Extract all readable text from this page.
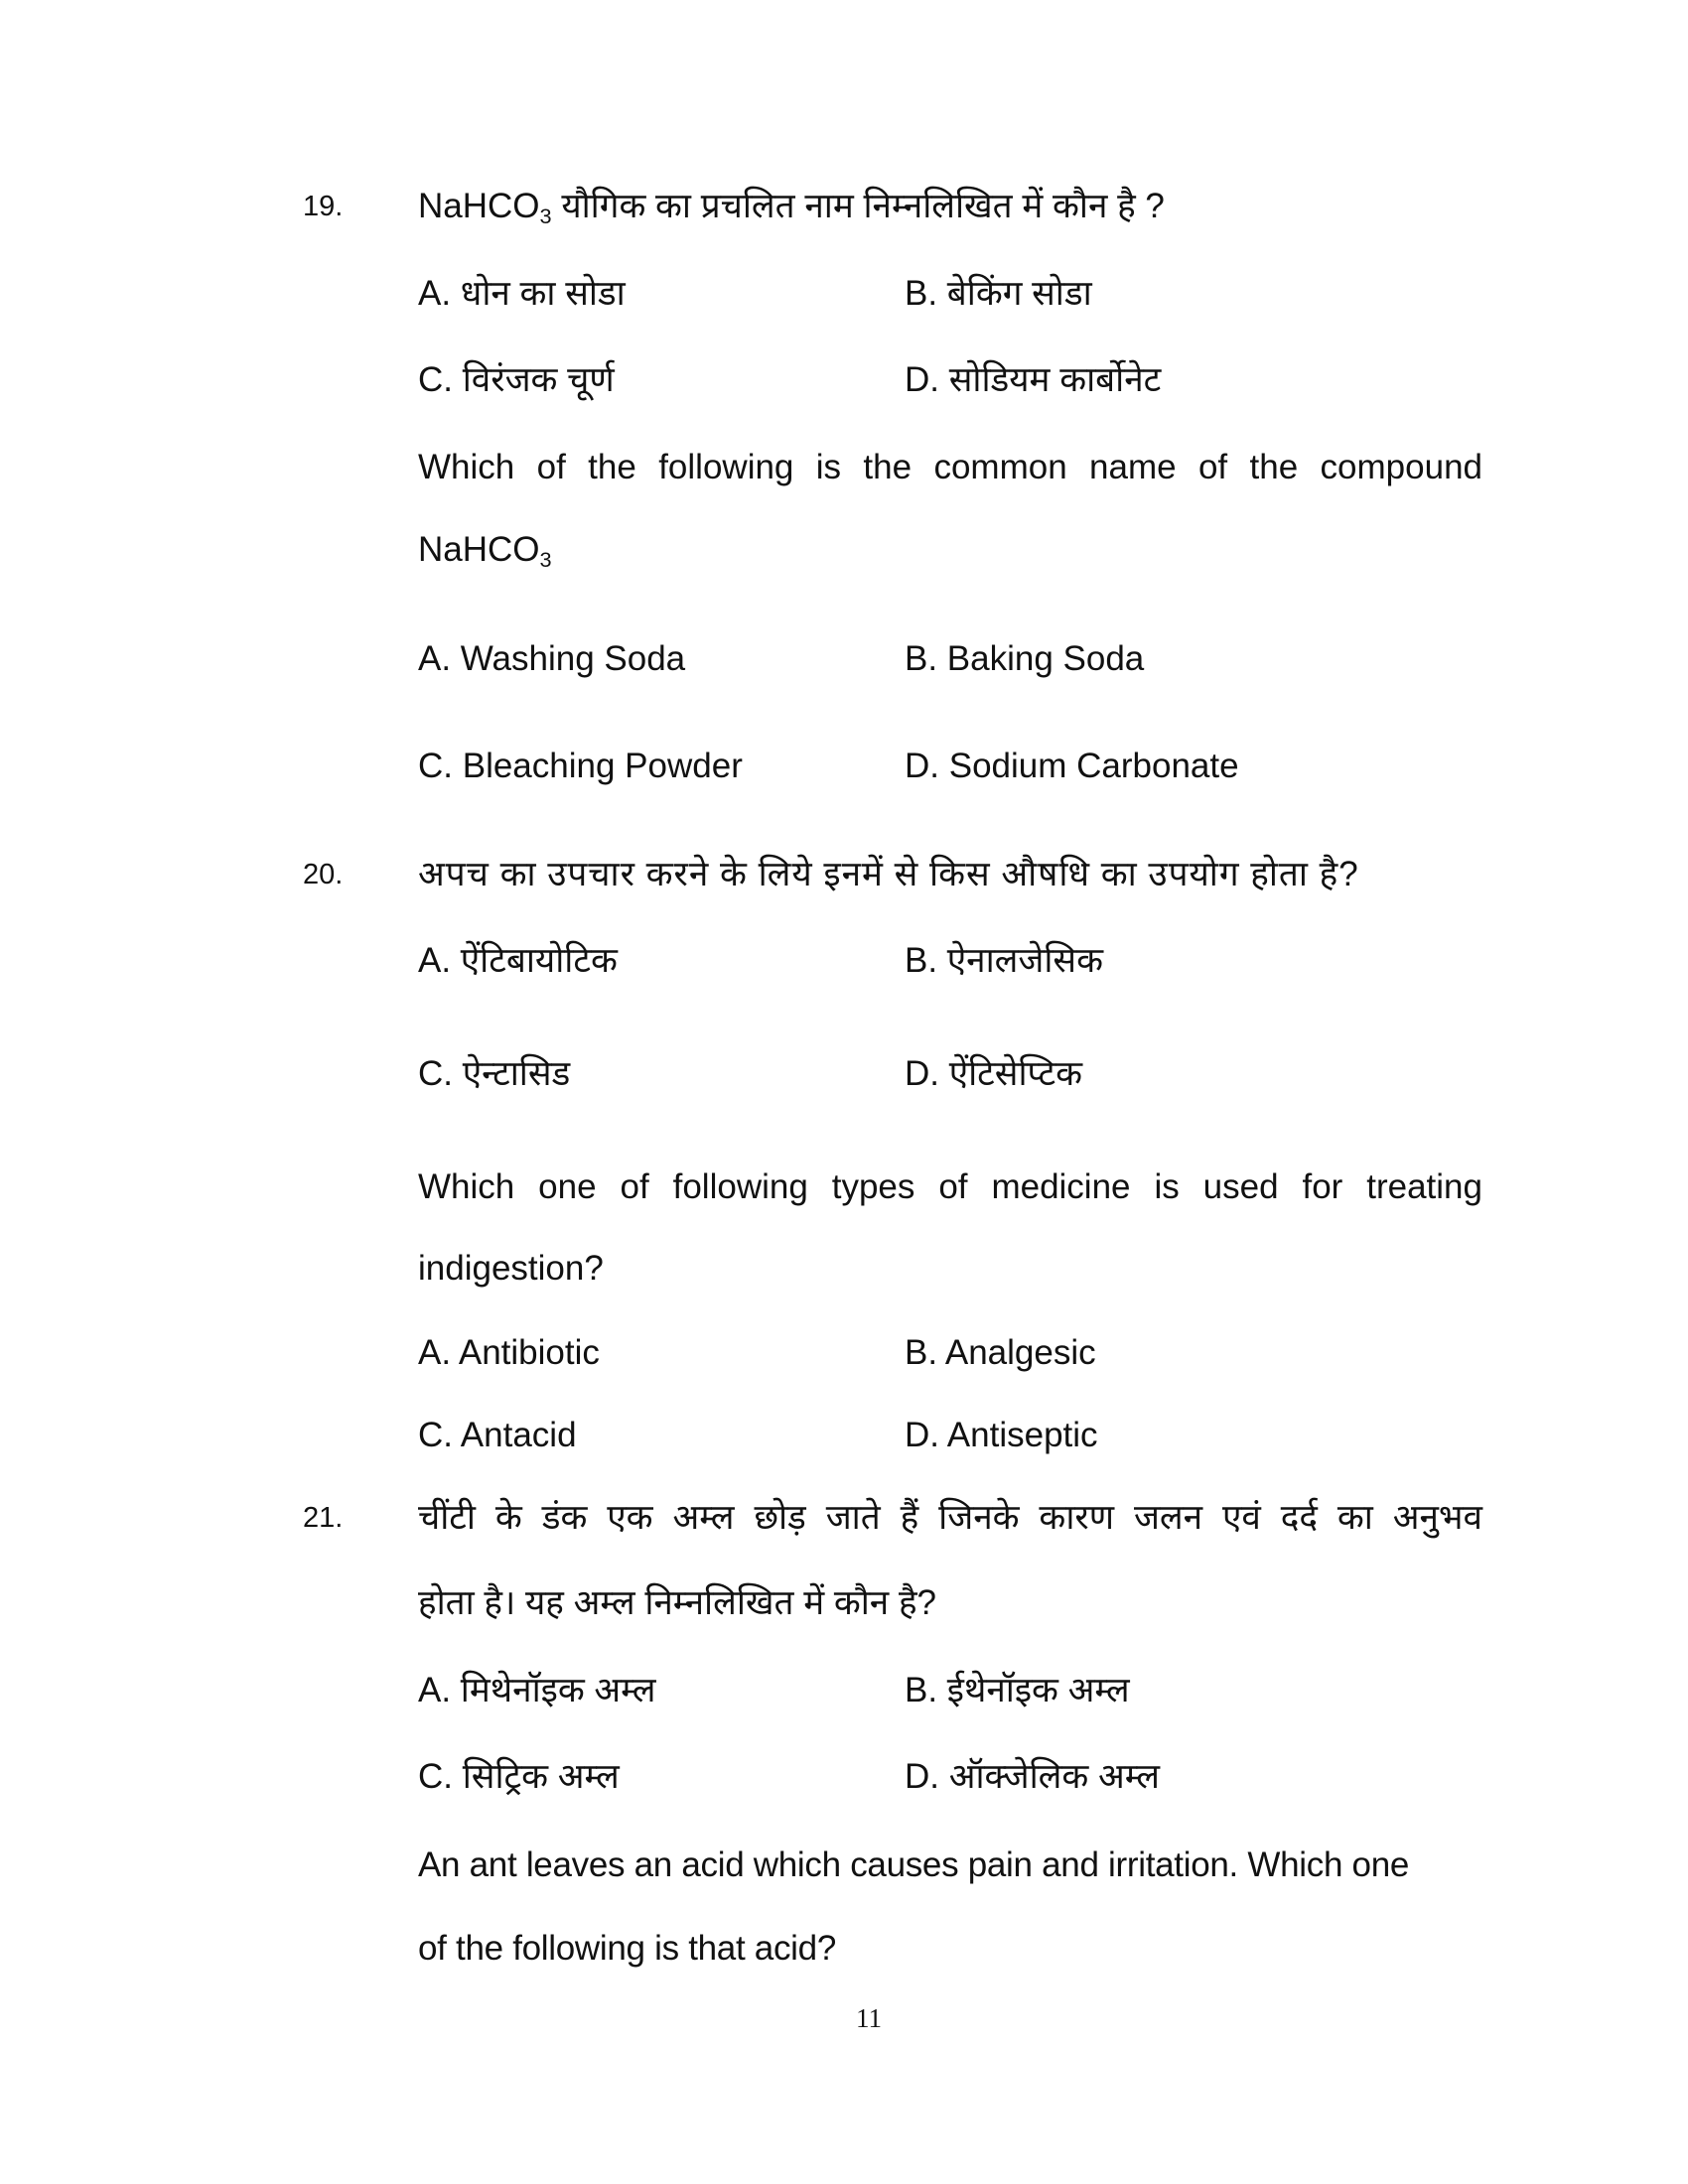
19. NaHCO$_3$ यौगिक का प्रचलित नाम निम्नलिखित में कौन है ?
A. धोन का सोडा	B. बेकिंग सोडा
C. विरंजक चूर्ण	D. सोडियम कार्बोनेट
Which of the following is the common name of the compound
NaHCO$_3$
A. Washing Soda	B. Baking Soda
C. Bleaching Powder	D. Sodium Carbonate
20. अपच का उपचार करने के लिये इनमें से किस औषधि का उपयोग होता है?
A. ऐंटिबायोटिक	B. ऐनालजेसिक
C. ऐन्टासिड	D. ऐंटिसेप्टिक
Which one of following types of medicine is used for treating
indigestion?
A. Antibiotic	B. Analgesic
C. Antacid	D. Antiseptic
21. चींटी के डंक एक अम्ल छोड़ जाते हैं जिनके कारण जलन एवं दर्द का अनुभव
होता है। यह अम्ल निम्नलिखित में कौन है?
A. मिथेनॉइक अम्ल	B. ईथेनॉइक अम्ल
C. सिट्रिक अम्ल	D. ऑक्जेलिक अम्ल
An ant leaves an acid which causes pain and irritation. Which one
of the following is that acid?
11
